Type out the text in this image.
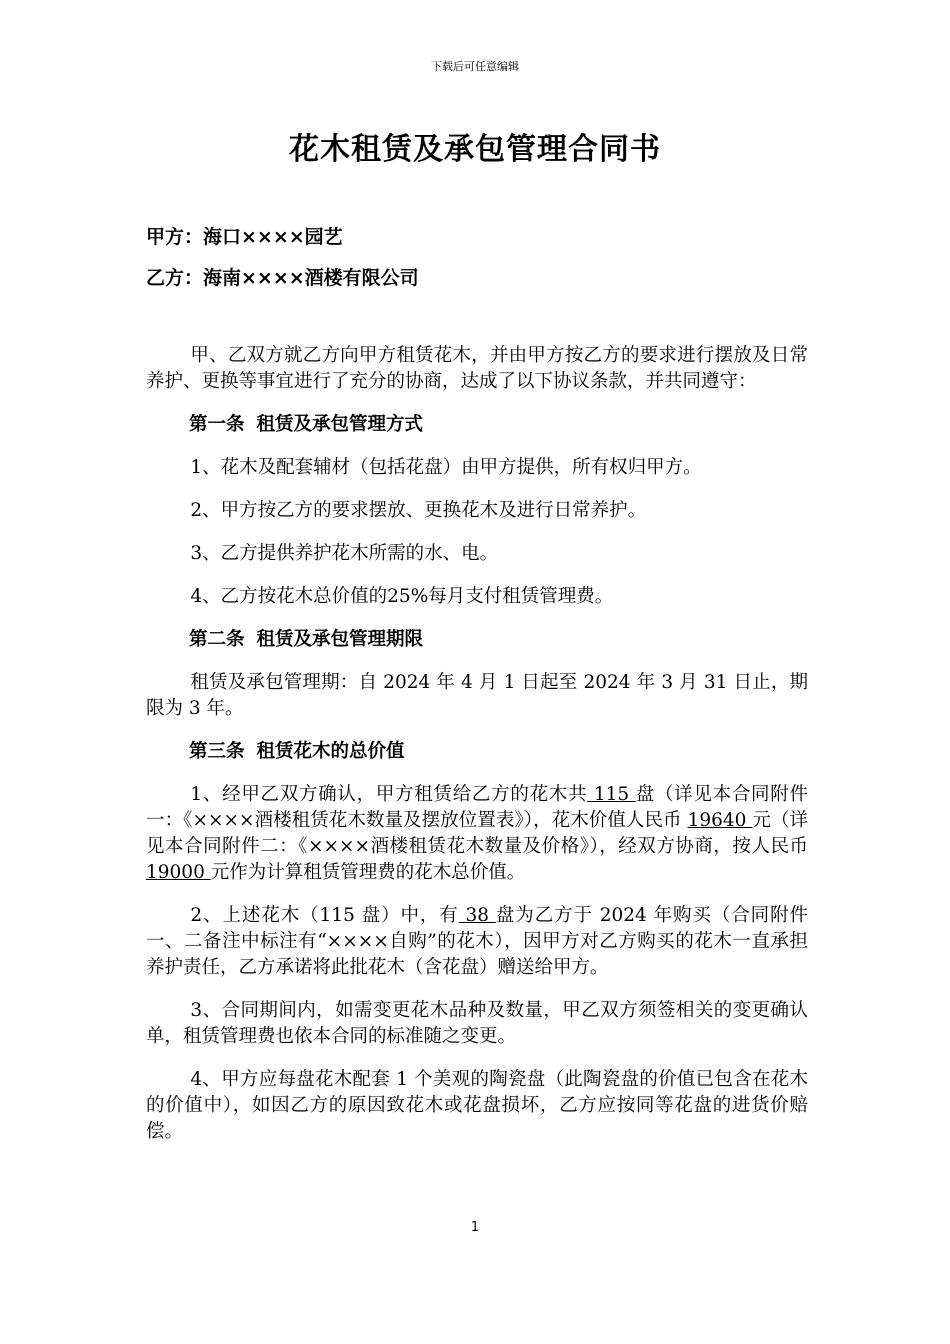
下载后可任意编辑
花木租赁及承包管理合同书
甲方：海口××××园艺
乙方：海南××××酒楼有限公司

甲、乙双方就乙方向甲方租赁花木，并由甲方按乙方的要求进行摆放及日常养护、更换等事宜进行了充分的协商，达成了以下协议条款，并共同遵守：

第一条 租赁及承包管理方式

1、花木及配套辅材（包括花盘）由甲方提供，所有权归甲方。

2、甲方按乙方的要求摆放、更换花木及进行日常养护。

3、乙方提供养护花木所需的水、电。

4、乙方按花木总价值的25%每月支付租赁管理费。

第二条 租赁及承包管理期限

租赁及承包管理期：自 2024 年 4 月 1 日起至 2024 年 3 月 31 日止，期限为 3 年。

第三条 租赁花木的总价值

1、经甲乙双方确认，甲方租赁给乙方的花木共 115 盘（详见本合同附件一：《××××酒楼租赁花木数量及摆放位置表》），花木价值人民币 19640 元（详见本合同附件二：《××××酒楼租赁花木数量及价格》），经双方协商，按人民币 19000 元作为计算租赁管理费的花木总价值。

2、上述花木（115 盘）中，有 38 盘为乙方于 2024 年购买（合同附件一、二备注中标注有“××××自购”的花木），因甲方对乙方购买的花木一直承担养护责任，乙方承诺将此批花木（含花盘）赠送给甲方。

3、合同期间内，如需变更花木品种及数量，甲乙双方须签相关的变更确认单，租赁管理费也依本合同的标准随之变更。

4、甲方应每盘花木配套 1 个美观的陶瓷盘（此陶瓷盘的价值已包含在花木的价值中），如因乙方的原因致花木或花盘损坏，乙方应按同等花盘的进货价赔偿。

1
